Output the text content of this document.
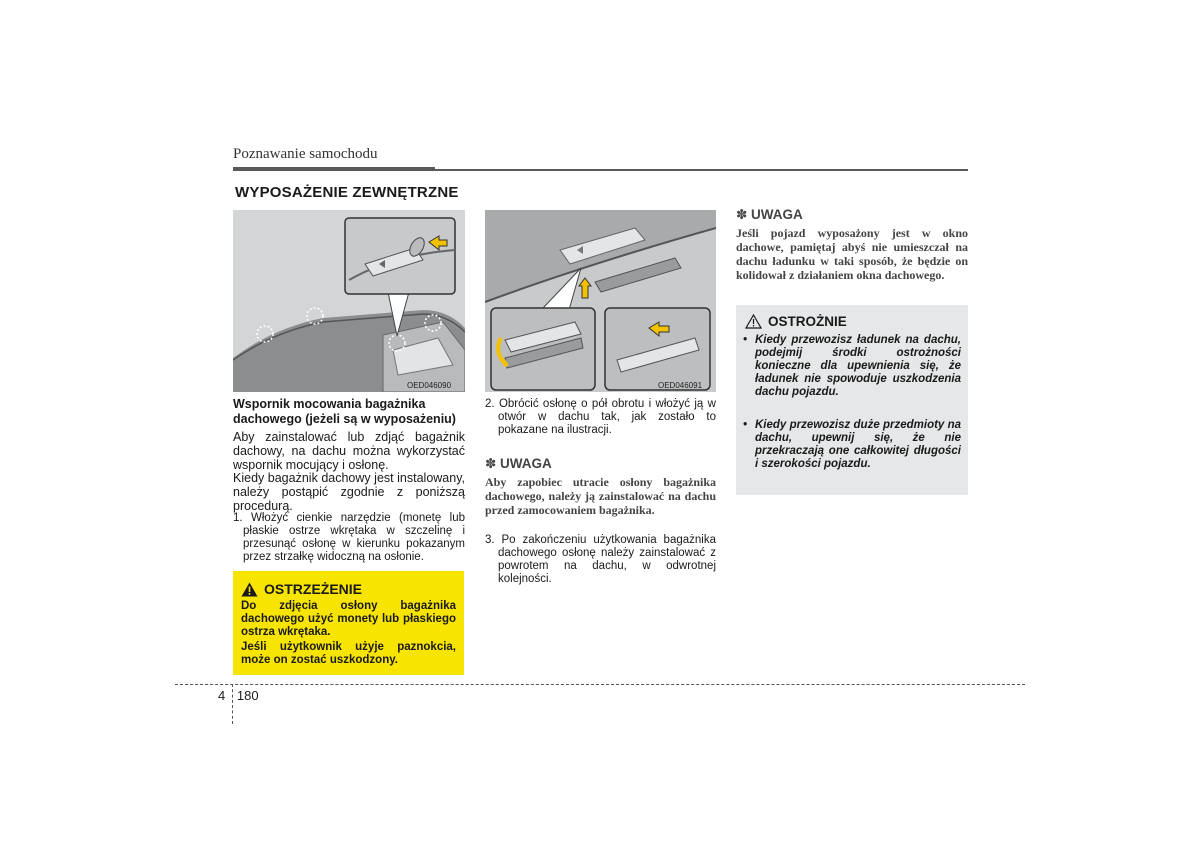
Poznawanie samochodu
WYPOSAŻENIE ZEWNĘTRZNE
OED046090
Wspornik mocowania bagażnika dachowego (jeżeli są w wyposażeniu)
Aby zainstalować lub zdjąć bagażnik dachowy, na dachu można wykorzystać wspornik mocujący i osłonę.
Kiedy bagażnik dachowy jest instalowany, należy postąpić zgodnie z poniższą procedurą.
1. Włożyć cienkie narzędzie (monetę lub płaskie ostrze wkrętaka w szczelinę i przesunąć osłonę w kierunku pokazanym przez strzałkę widoczną na osłonie.
OSTRZEŻENIE
Do zdjęcia osłony bagażnika dachowego użyć monety lub płaskiego ostrza wkrętaka.
Jeśli użytkownik użyje paznokcia, może on zostać uszkodzony.
OED046091
2. Obrócić osłonę o pół obrotu i włożyć ją w otwór w dachu tak, jak zostało to pokazane na ilustracji.
✽ UWAGA
Aby zapobiec utracie osłony bagażnika dachowego, należy ją zainstalować na dachu przed zamocowaniem bagażnika.
3. Po zakończeniu użytkowania bagażnika dachowego osłonę należy zainstalować z powrotem na dachu, w odwrotnej kolejności.
✽ UWAGA
Jeśli pojazd wyposażony jest w okno dachowe, pamiętaj abyś nie umieszczał na dachu ładunku w taki sposób, że będzie on kolidował z działaniem okna dachowego.
OSTROŻNIE
• Kiedy przewozisz ładunek na dachu, podejmij środki ostrożności konieczne dla upewnienia się, że ładunek nie spowoduje uszkodzenia dachu pojazdu.
• Kiedy przewozisz duże przedmioty na dachu, upewnij się, że nie przekraczają one całkowitej długości i szerokości pojazdu.
4 180
